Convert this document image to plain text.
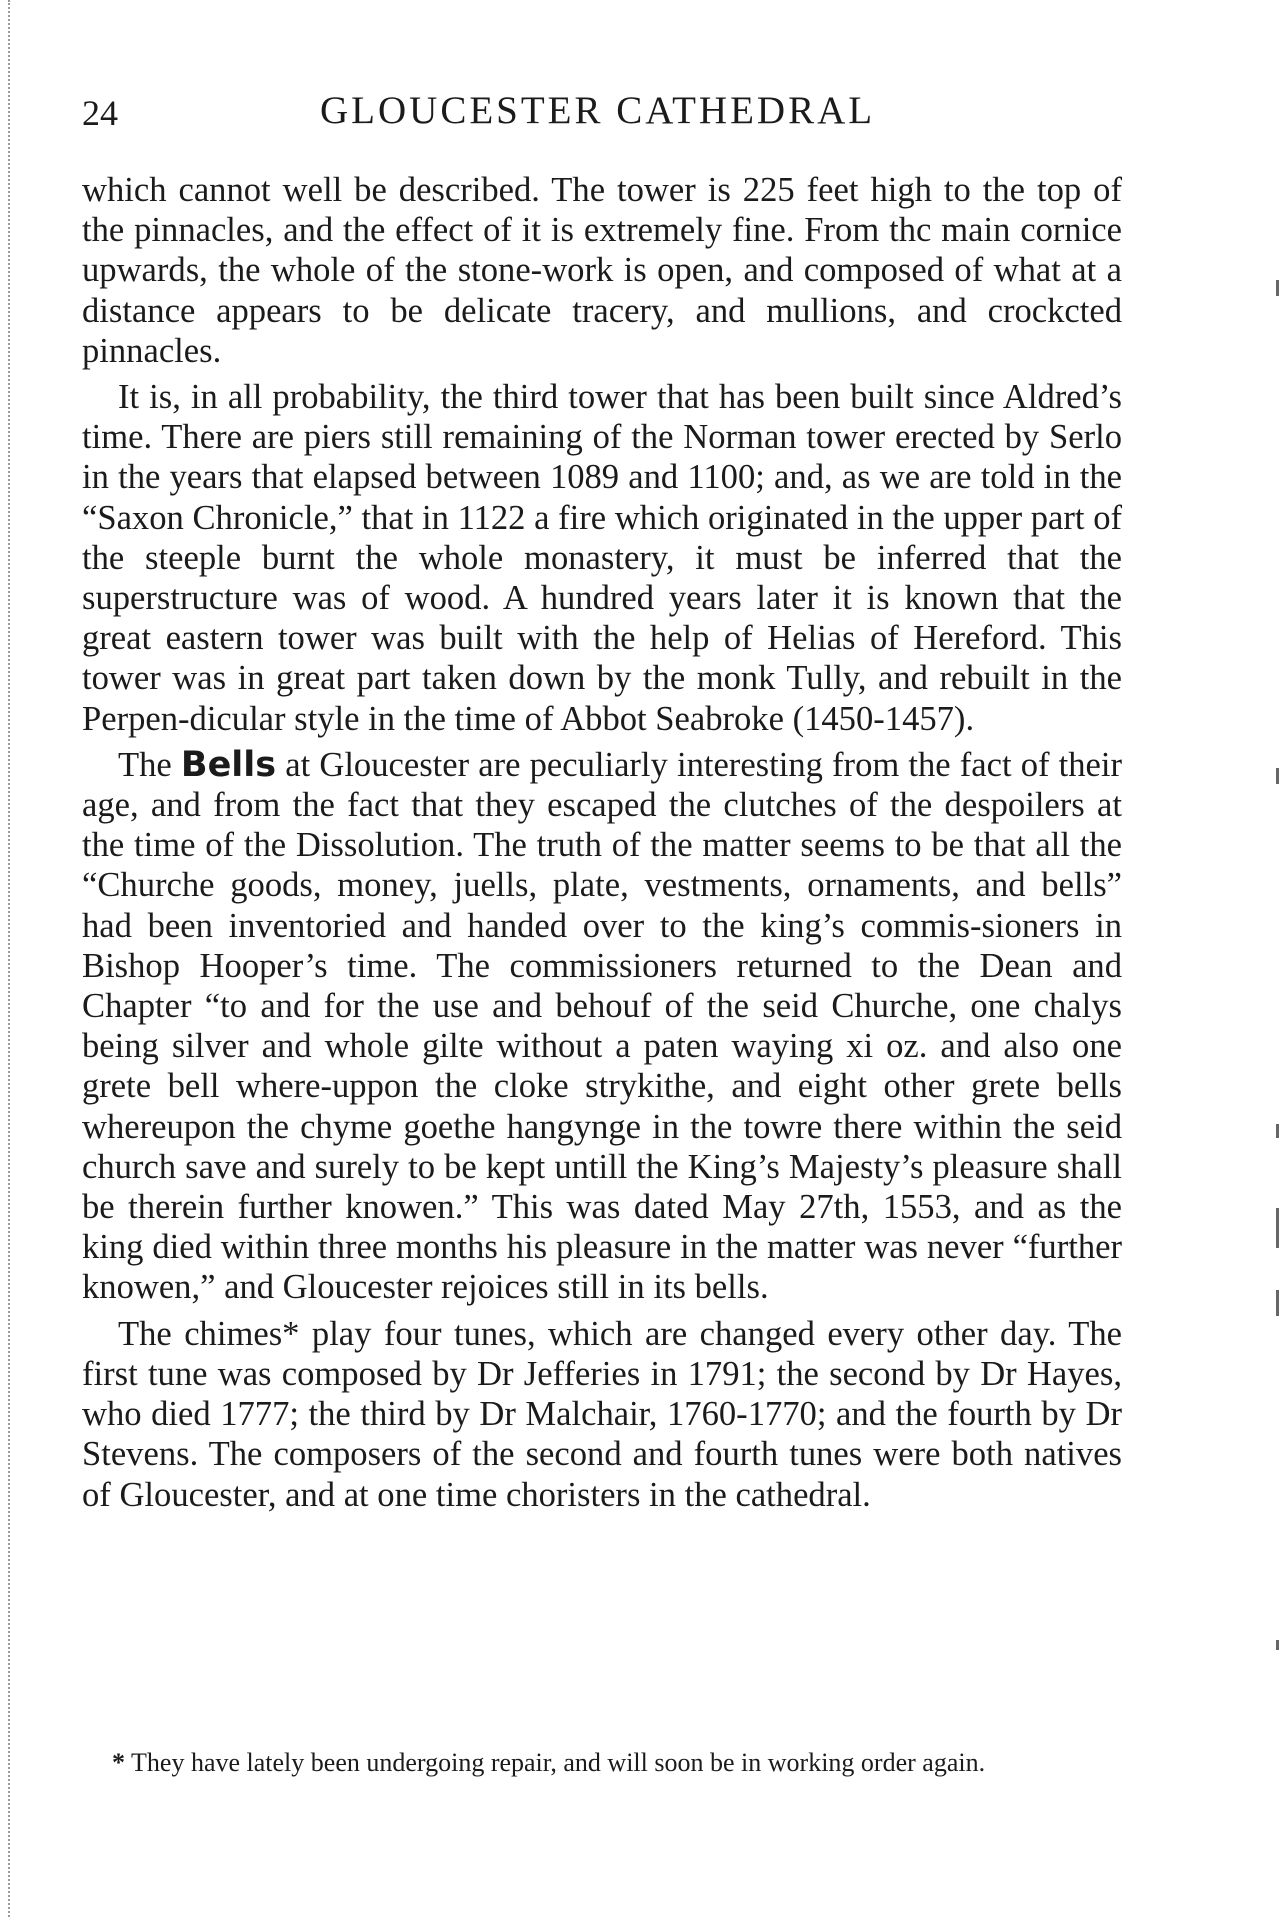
24	GLOUCESTER CATHEDRAL

which cannot well be described. The tower is 225 feet high to the top of the pinnacles, and the effect of it is extremely fine. From thc main cornice upwards, the whole of the stone-work is open, and composed of what at a distance appears to be delicate tracery, and mullions, and crockcted pinnacles.

It is, in all probability, the third tower that has been built since Aldred’s time. There are piers still remaining of the Norman tower erected by Serlo in the years that elapsed between 1089 and 1100; and, as we are told in the “Saxon Chronicle,” that in 1122 a fire which originated in the upper part of the steeple burnt the whole monastery, it must be inferred that the superstructure was of wood. A hundred years later it is known that the great eastern tower was built with the help of Helias of Hereford. This tower was in great part taken down by the monk Tully, and rebuilt in the Perpen-dicular style in the time of Abbot Seabroke (1450-1457).

The Bells at Gloucester are peculiarly interesting from the fact of their age, and from the fact that they escaped the clutches of the despoilers at the time of the Dissolution. The truth of the matter seems to be that all the “Churche goods, money, juells, plate, vestments, ornaments, and bells” had been inventoried and handed over to the king’s commis-sioners in Bishop Hooper’s time. The commissioners returned to the Dean and Chapter “to and for the use and behouf of the seid Churche, one chalys being silver and whole gilte without a paten waying xi oz. and also one grete bell where-uppon the cloke strykithe, and eight other grete bells whereupon the chyme goethe hangynge in the towre there within the seid church save and surely to be kept untill the King’s Majesty’s pleasure shall be therein further knowen.” This was dated May 27th, 1553, and as the king died within three months his pleasure in the matter was never “further knowen,” and Gloucester rejoices still in its bells.

The chimes* play four tunes, which are changed every other day. The first tune was composed by Dr Jefferies in 1791; the second by Dr Hayes, who died 1777; the third by Dr Malchair, 1760-1770; and the fourth by Dr Stevens. The composers of the second and fourth tunes were both natives of Gloucester, and at one time choristers in the cathedral.

* They have lately been undergoing repair, and will soon be in working order again.
